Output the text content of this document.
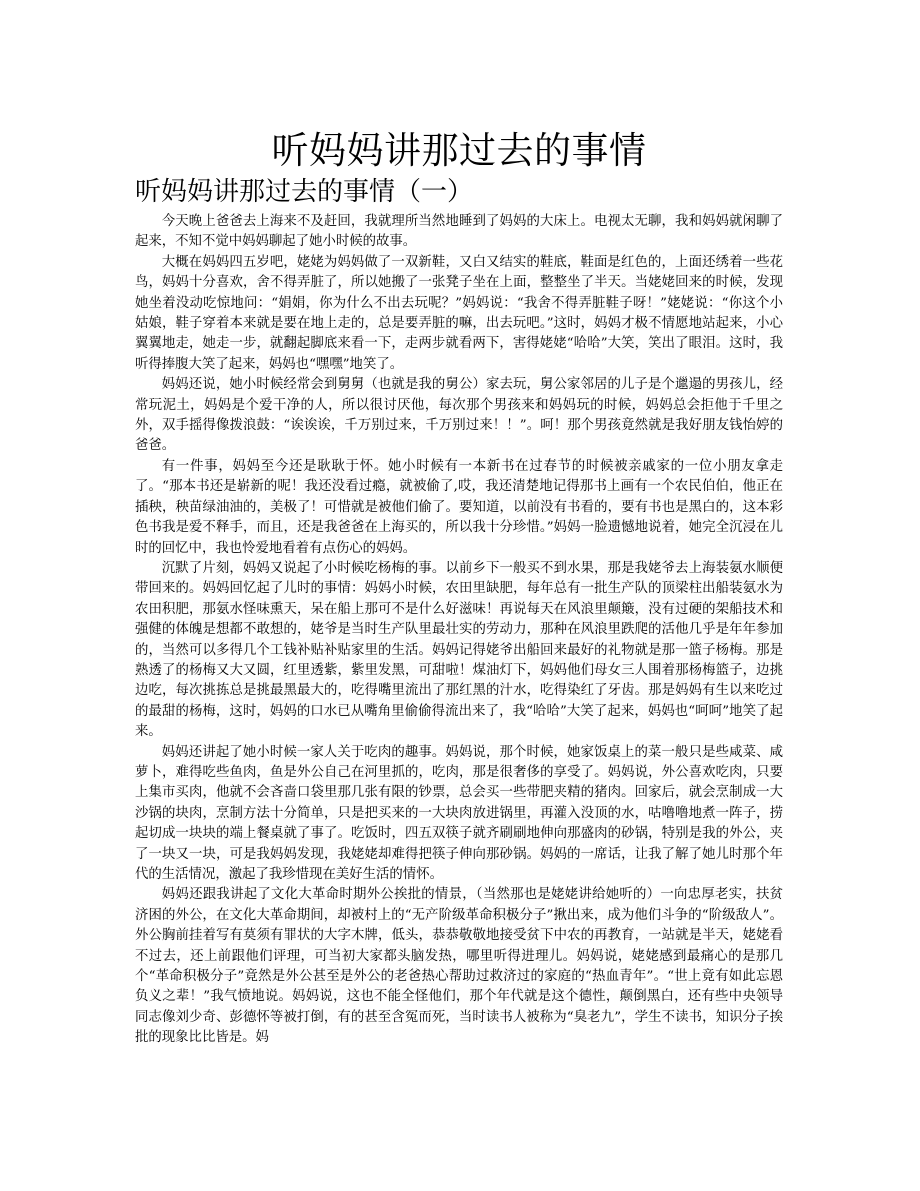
听妈妈讲那过去的事情
听妈妈讲那过去的事情（一）

今天晚上爸爸去上海来不及赶回，我就理所当然地睡到了妈妈的大床上。电视太无聊，我和妈妈就闲聊了起来，不知不觉中妈妈聊起了她小时候的故事。

大概在妈妈四五岁吧，姥姥为妈妈做了一双新鞋，又白又结实的鞋底，鞋面是红色的，上面还绣着一些花鸟，妈妈十分喜欢，舍不得弄脏了，所以她搬了一张凳子坐在上面，整整坐了半天。当姥姥回来的时候，发现她坐着没动吃惊地问：“娟娟，你为什么不出去玩呢？”妈妈说：“我舍不得弄脏鞋子呀！”姥姥说：“你这个小姑娘，鞋子穿着本来就是要在地上走的，总是要弄脏的嘛，出去玩吧。”这时，妈妈才极不情愿地站起来，小心翼翼地走，她走一步，就翻起脚底来看一下，走两步就看两下，害得姥姥“哈哈”大笑，笑出了眼泪。这时，我听得捧腹大笑了起来，妈妈也“嘿嘿”地笑了。

妈妈还说，她小时候经常会到舅舅（也就是我的舅公）家去玩，舅公家邻居的儿子是个邋遢的男孩儿，经常玩泥土，妈妈是个爱干净的人，所以很讨厌他，每次那个男孩来和妈妈玩的时候，妈妈总会拒他于千里之外，双手摇得像拨浪鼓：“诶诶诶，千万别过来，千万别过来！！”。呵！那个男孩竟然就是我好朋友钱怡婷的爸爸。

有一件事，妈妈至今还是耿耿于怀。她小时候有一本新书在过春节的时候被亲戚家的一位小朋友拿走了。“那本书还是崭新的呢！我还没看过瘾，就被偷了,哎，我还清楚地记得那书上画有一个农民伯伯，他正在插秧，秧苗绿油油的，美极了！可惜就是被他们偷了。要知道，以前没有书看的，要有书也是黑白的，这本彩色书我是爱不释手，而且，还是我爸爸在上海买的，所以我十分珍惜。”妈妈一脸遗憾地说着，她完全沉浸在儿时的回忆中，我也怜爱地看着有点伤心的妈妈。

沉默了片刻，妈妈又说起了小时候吃杨梅的事。以前乡下一般买不到水果，那是我姥爷去上海装氨水顺便带回来的。妈妈回忆起了儿时的事情：妈妈小时候，农田里缺肥，每年总有一批生产队的顶梁柱出船装氨水为农田积肥，那氨水怪味熏天，呆在船上那可不是什么好滋味！再说每天在风浪里颠簸，没有过硬的架船技术和强健的体魄是想都不敢想的，姥爷是当时生产队里最壮实的劳动力，那种在风浪里跌爬的活他几乎是年年参加的，当然可以多得几个工钱补贴补贴家里的生活。妈妈记得姥爷出船回来最好的礼物就是那一篮子杨梅。那是熟透了的杨梅又大又圆，红里透紫，紫里发黑，可甜啦！煤油灯下，妈妈他们母女三人围着那杨梅篮子，边挑边吃，每次挑拣总是挑最黑最大的，吃得嘴里流出了那红黑的汁水，吃得染红了牙齿。那是妈妈有生以来吃过的最甜的杨梅，这时，妈妈的口水已从嘴角里偷偷得流出来了，我“哈哈”大笑了起来，妈妈也“呵呵”地笑了起来。

妈妈还讲起了她小时候一家人关于吃肉的趣事。妈妈说，那个时候，她家饭桌上的菜一般只是些咸菜、咸萝卜，难得吃些鱼肉，鱼是外公自己在河里抓的，吃肉，那是很奢侈的享受了。妈妈说，外公喜欢吃肉，只要上集市买肉，他就不会吝啬口袋里那几张有限的钞票，总会买一些带肥夹精的猪肉。回家后，就会烹制成一大沙锅的块肉，烹制方法十分简单，只是把买来的一大块肉放进锅里，再灌入没顶的水，咕噜噜地煮一阵子，捞起切成一块块的端上餐桌就了事了。吃饭时，四五双筷子就齐刷刷地伸向那盛肉的砂锅，特别是我的外公，夹了一块又一块，可是我妈妈发现，我姥姥却难得把筷子伸向那砂锅。妈妈的一席话，让我了解了她儿时那个年代的生活情况，激起了我珍惜现在美好生活的情怀。

妈妈还跟我讲起了文化大革命时期外公挨批的情景，（当然那也是姥姥讲给她听的）一向忠厚老实，扶贫济困的外公，在文化大革命期间，却被村上的“无产阶级革命积极分子”揪出来，成为他们斗争的“阶级敌人”。外公胸前挂着写有莫须有罪状的大字木牌，低头，恭恭敬敬地接受贫下中农的再教育，一站就是半天，姥姥看不过去，还上前跟他们评理，可当初大家都头脑发热，哪里听得进理儿。妈妈说，姥姥感到最痛心的是那几个“革命积极分子”竟然是外公甚至是外公的老爸热心帮助过救济过的家庭的“热血青年”。“世上竟有如此忘恩负义之辈！”我气愤地说。妈妈说，这也不能全怪他们，那个年代就是这个德性，颠倒黑白，还有些中央领导同志像刘少奇、彭德怀等被打倒，有的甚至含冤而死，当时读书人被称为“臭老九”，学生不读书，知识分子挨批的现象比比皆是。妈
